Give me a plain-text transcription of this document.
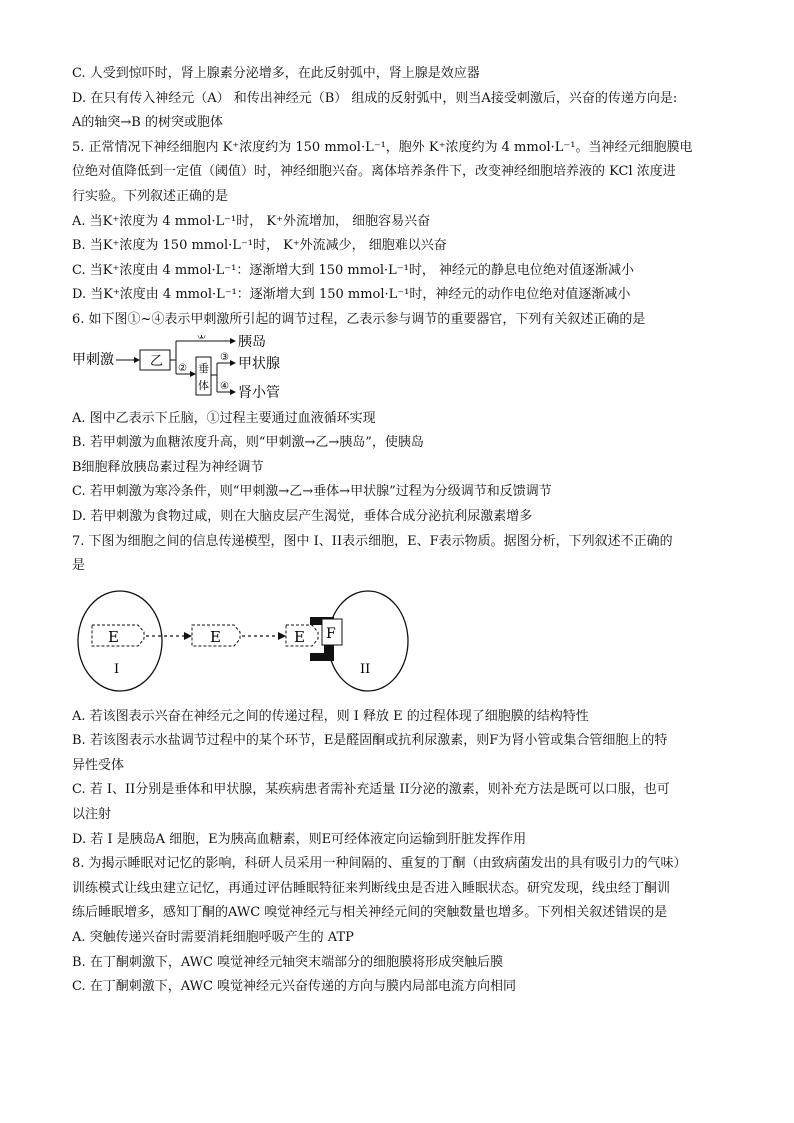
C. 人受到惊吓时，肾上腺素分泌增多，在此反射弧中，肾上腺是效应器
D. 在只有传入神经元（A） 和传出神经元（B） 组成的反射弧中，则当A接受刺激后，兴奋的传递方向是:
A的轴突→B 的树突或胞体
5. 正常情况下神经细胞内 K⁺浓度约为 150 mmol·L⁻¹，胞外 K⁺浓度约为 4 mmol·L⁻¹。当神经元细胞膜电
位绝对值降低到一定值（阈值）时，神经细胞兴奋。离体培养条件下，改变神经细胞培养液的 KCl 浓度进
行实验。下列叙述正确的是
A. 当K⁺浓度为 4 mmol·L⁻¹时， K⁺外流增加， 细胞容易兴奋
B. 当K⁺浓度为 150 mmol·L⁻¹时， K⁺外流减少， 细胞难以兴奋
C. 当K⁺浓度由 4 mmol·L⁻¹：逐渐增大到 150 mmol·L⁻¹时， 神经元的静息电位绝对值逐渐减小
D. 当K⁺浓度由 4 mmol·L⁻¹：逐渐增大到 150 mmol·L⁻¹时，神经元的动作电位绝对值逐渐减小
6. 如下图①~④表示甲刺激所引起的调节过程，乙表示参与调节的重要器官，下列有关叙述正确的是
甲刺激	乙
① 胰岛
② 垂
体
③ 甲状腺
④ 肾小管
A. 图中乙表示下丘脑，①过程主要通过血液循环实现
B. 若甲刺激为血糖浓度升高，则“甲刺激→乙→胰岛”，使胰岛
B细胞释放胰岛素过程为神经调节
C. 若甲刺激为寒冷条件，则“甲刺激→乙→垂体→甲状腺”过程为分级调节和反馈调节
D. 若甲刺激为食物过咸，则在大脑皮层产生渴觉，垂体合成分泌抗利尿激素增多
7. 下图为细胞之间的信息传递模型，图中 I、II表示细胞，E、F表示物质。据图分析，下列叙述不正确的
是
E
I
E	F
E
II
A. 若该图表示兴奋在神经元之间的传递过程，则 I 释放 E 的过程体现了细胞膜的结构特性
B. 若该图表示水盐调节过程中的某个环节，E是醛固酮或抗利尿激素，则F为肾小管或集合管细胞上的特
异性受体
C. 若 I、II分别是垂体和甲状腺，某疾病患者需补充适量 II分泌的激素，则补充方法是既可以口服，也可
以注射
D. 若 I 是胰岛A 细胞，E为胰高血糖素，则E可经体液定向运输到肝脏发挥作用
8. 为揭示睡眠对记忆的影响，科研人员采用一种间隔的、重复的丁酮（由致病菌发出的具有吸引力的气味）
训练模式让线虫建立记忆，再通过评估睡眠特征来判断线虫是否进入睡眠状态。研究发现，线虫经丁酮训
练后睡眠增多，感知丁酮的AWC 嗅觉神经元与相关神经元间的突触数量也增多。下列相关叙述错误的是
A. 突触传递兴奋时需要消耗细胞呼吸产生的 ATP
B. 在丁酮刺激下，AWC 嗅觉神经元轴突末端部分的细胞膜将形成突触后膜
C. 在丁酮刺激下，AWC 嗅觉神经元兴奋传递的方向与膜内局部电流方向相同
